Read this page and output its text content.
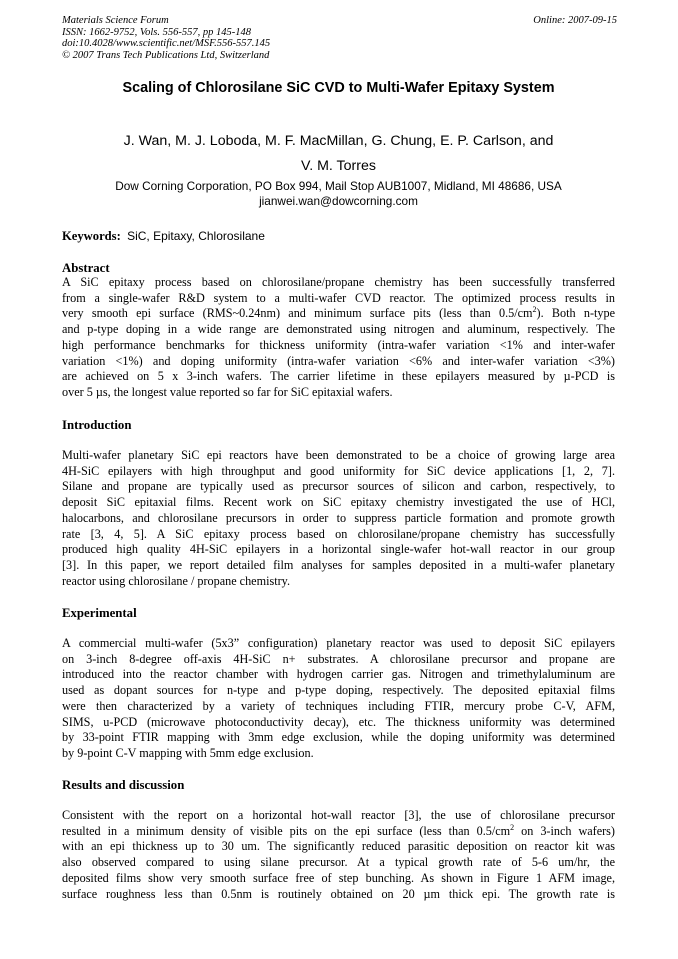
Materials Science Forum
ISSN: 1662-9752, Vols. 556-557, pp 145-148
doi:10.4028/www.scientific.net/MSF.556-557.145
© 2007 Trans Tech Publications Ltd, Switzerland
Online: 2007-09-15
Scaling of Chlorosilane SiC CVD to Multi-Wafer Epitaxy System
J. Wan, M. J. Loboda, M. F. MacMillan, G. Chung, E. P. Carlson, and
V. M. Torres
Dow Corning Corporation, PO Box 994, Mail Stop AUB1007, Midland, MI 48686, USA
jianwei.wan@dowcorning.com
Keywords: SiC, Epitaxy, Chlorosilane
Abstract
A SiC epitaxy process based on chlorosilane/propane chemistry has been successfully transferred
from a single-wafer R&D system to a multi-wafer CVD reactor. The optimized process results in
very smooth epi surface (RMS~0.24nm) and minimum surface pits (less than $0.5/cm^2$). Both n-type
and p-type doping in a wide range are demonstrated using nitrogen and aluminum, respectively. The
high performance benchmarks for thickness uniformity (intra-wafer variation <1% and inter-wafer
variation <1%) and doping uniformity (intra-wafer variation <6% and inter-wafer variation <3%)
are achieved on 5 x 3-inch wafers. The carrier lifetime in these epilayers measured by µ-PCD is
over 5 µs, the longest value reported so far for SiC epitaxial wafers.
Introduction
Multi-wafer planetary SiC epi reactors have been demonstrated to be a choice of growing large area
4H-SiC epilayers with high throughput and good uniformity for SiC device applications [1, 2, 7].
Silane and propane are typically used as precursor sources of silicon and carbon, respectively, to
deposit SiC epitaxial films. Recent work on SiC epitaxy chemistry investigated the use of HCl,
halocarbons, and chlorosilane precursors in order to suppress particle formation and promote growth
rate [3, 4, 5]. A SiC epitaxy process based on chlorosilane/propane chemistry has successfully
produced high quality 4H-SiC epilayers in a horizontal single-wafer hot-wall reactor in our group
[3]. In this paper, we report detailed film analyses for samples deposited in a multi-wafer planetary
reactor using chlorosilane / propane chemistry.
Experimental
A commercial multi-wafer (5x3” configuration) planetary reactor was used to deposit SiC epilayers
on 3-inch 8-degree off-axis 4H-SiC n+ substrates. A chlorosilane precursor and propane are
introduced into the reactor chamber with hydrogen carrier gas. Nitrogen and trimethylaluminum are
used as dopant sources for n-type and p-type doping, respectively. The deposited epitaxial films
were then characterized by a variety of techniques including FTIR, mercury probe C-V, AFM,
SIMS, u-PCD (microwave photoconductivity decay), etc. The thickness uniformity was determined
by 33-point FTIR mapping with 3mm edge exclusion, while the doping uniformity was determined
by 9-point C-V mapping with 5mm edge exclusion.
Results and discussion
Consistent with the report on a horizontal hot-wall reactor [3], the use of chlorosilane precursor
resulted in a minimum density of visible pits on the epi surface (less than $0.5/cm^2$ on 3-inch wafers)
with an epi thickness up to 30 um. The significantly reduced parasitic deposition on reactor kit was
also observed compared to using silane precursor. At a typical growth rate of 5-6 um/hr, the
deposited films show very smooth surface free of step bunching. As shown in Figure 1 AFM image,
surface roughness less than 0.5nm is routinely obtained on 20 µm thick epi. The growth rate is
